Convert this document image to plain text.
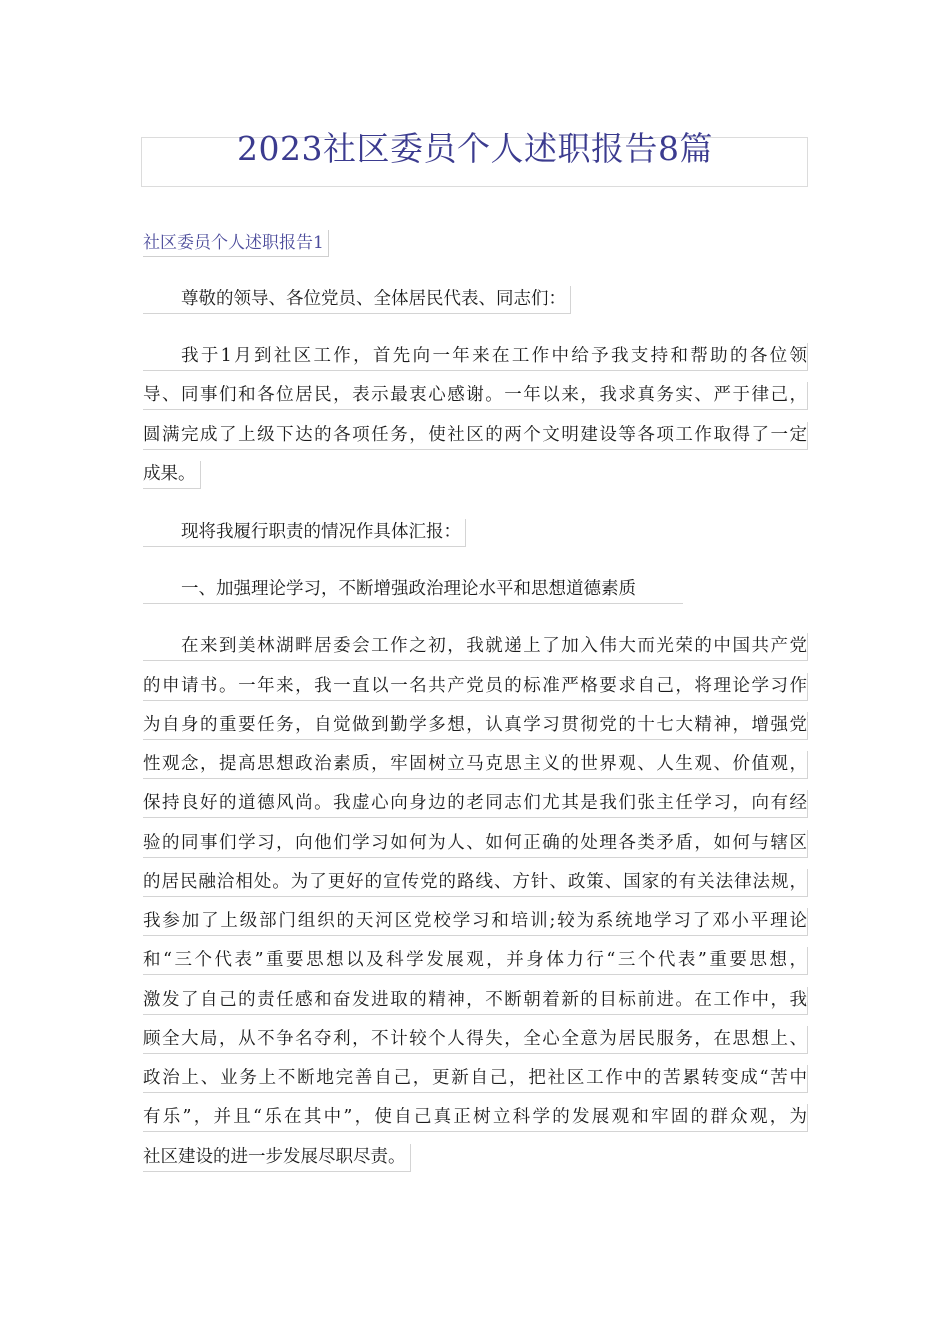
2023社区委员个人述职报告8篇
社区委员个人述职报告1
尊敬的领导、各位党员、全体居民代表、同志们：
我于1月到社区工作，首先向一年来在工作中给予我支持和帮助的各位领
导、同事们和各位居民，表示最衷心感谢。一年以来，我求真务实、严于律己，
圆满完成了上级下达的各项任务，使社区的两个文明建设等各项工作取得了一定
成果。
现将我履行职责的情况作具体汇报：
一、加强理论学习，不断增强政治理论水平和思想道德素质
在来到美林湖畔居委会工作之初，我就递上了加入伟大而光荣的中国共产党
的申请书。一年来，我一直以一名共产党员的标准严格要求自己，将理论学习作
为自身的重要任务，自觉做到勤学多想，认真学习贯彻党的十七大精神，增强党
性观念，提高思想政治素质，牢固树立马克思主义的世界观、人生观、价值观，
保持良好的道德风尚。我虚心向身边的老同志们尤其是我们张主任学习，向有经
验的同事们学习，向他们学习如何为人、如何正确的处理各类矛盾，如何与辖区
的居民融洽相处。为了更好的宣传党的路线、方针、政策、国家的有关法律法规，
我参加了上级部门组织的天河区党校学习和培训;较为系统地学习了邓小平理论
和“三个代表”重要思想以及科学发展观，并身体力行“三个代表”重要思想，
激发了自己的责任感和奋发进取的精神，不断朝着新的目标前进。在工作中，我
顾全大局，从不争名夺利，不计较个人得失，全心全意为居民服务，在思想上、
政治上、业务上不断地完善自己，更新自己，把社区工作中的苦累转变成“苦中
有乐”，并且“乐在其中”，使自己真正树立科学的发展观和牢固的群众观，为
社区建设的进一步发展尽职尽责。
